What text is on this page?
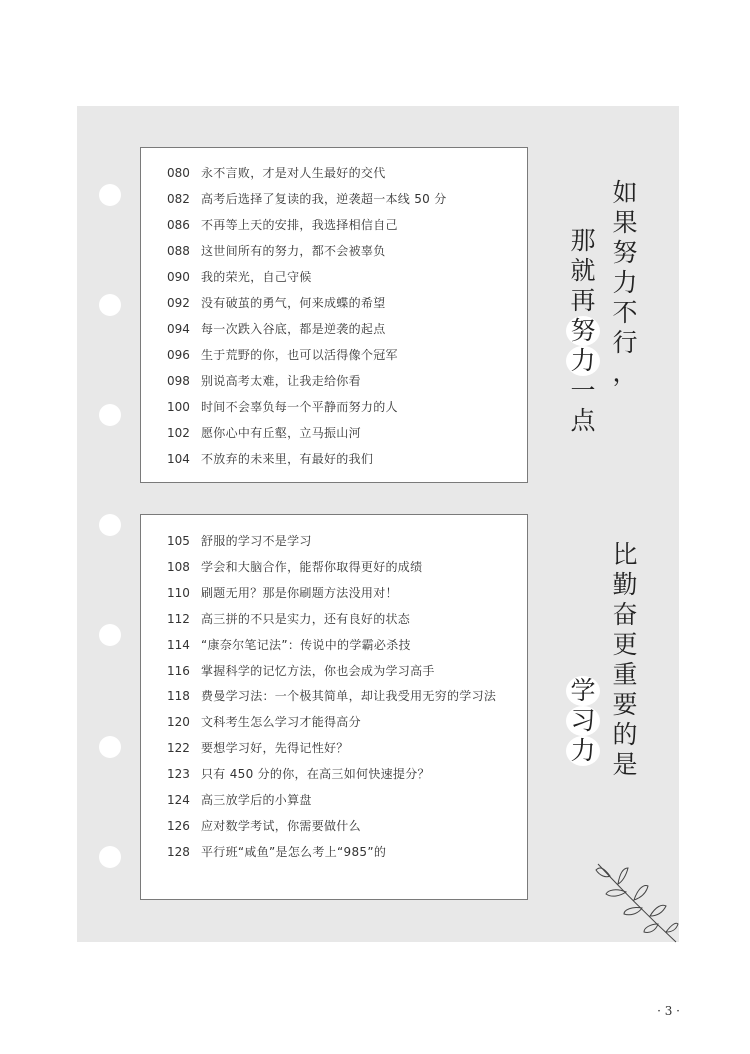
080 永不言败，才是对人生最好的交代
082 高考后选择了复读的我，逆袭超一本线 50 分
086 不再等上天的安排，我选择相信自己
088 这世间所有的努力，都不会被辜负
090 我的荣光，自己守候
092 没有破茧的勇气，何来成蝶的希望
094 每一次跌入谷底，都是逆袭的起点
096 生于荒野的你，也可以活得像个冠军
098 别说高考太难，让我走给你看
100 时间不会辜负每一个平静而努力的人
102 愿你心中有丘壑，立马振山河
104 不放弃的未来里，有最好的我们
105 舒服的学习不是学习
108 学会和大脑合作，能帮你取得更好的成绩
110 刷题无用？那是你刷题方法没用对！
112 高三拼的不只是实力，还有良好的状态
114 “康奈尔笔记法”：传说中的学霸必杀技
116 掌握科学的记忆方法，你也会成为学习高手
118 费曼学习法：一个极其简单，却让我受用无穷的学习法
120 文科考生怎么学习才能得高分
122 要想学习好，先得记性好？
123 只有 450 分的你，在高三如何快速提分？
124 高三放学后的小算盘
126 应对数学考试，你需要做什么
128 平行班“咸鱼”是怎么考上“985”的
如
果
努
力
不
行
，
那
就
再
努
力
一
点
比
勤
奋
更
重
要
的
是
学
习
力
· 3 ·
